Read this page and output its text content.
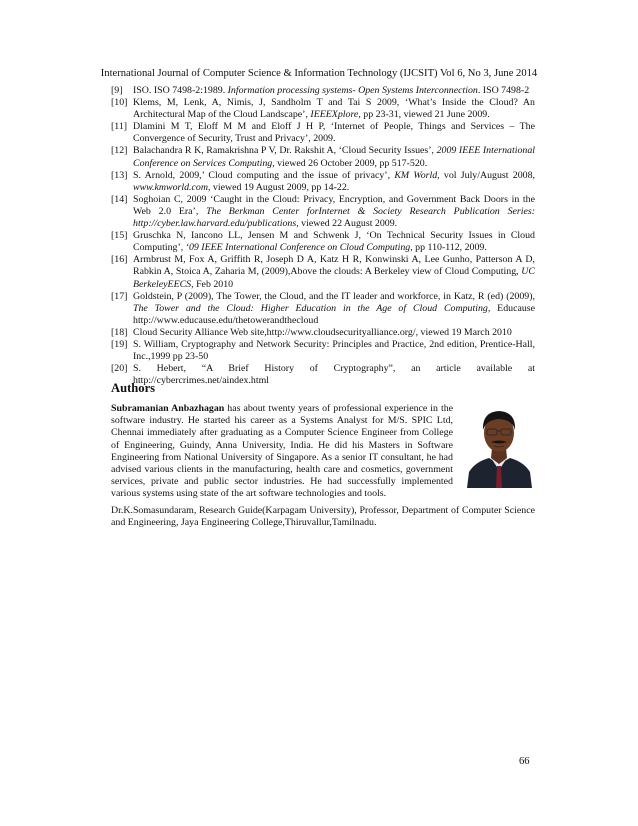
International Journal of Computer Science & Information Technology (IJCSIT) Vol 6, No 3, June 2014
[9]	ISO. ISO 7498-2:1989. Information processing systems- Open Systems Interconnection. ISO 7498-2
[10] Klems, M, Lenk, A, Nimis, J, Sandholm T and Tai S 2009, ‘What’s Inside the Cloud? An Architectural Map of the Cloud Landscape’, IEEEXplore, pp 23-31, viewed 21 June 2009.
[11] Dlamini M T, Eloff M M and Eloff J H P, ‘Internet of People, Things and Services – The Convergence of Security, Trust and Privacy’, 2009.
[12] Balachandra R K, Ramakrishna P V, Dr. Rakshit A, ‘Cloud Security Issues’, 2009 IEEE International Conference on Services Computing, viewed 26 October 2009, pp 517-520.
[13] S. Arnold, 2009,’ Cloud computing and the issue of privacy’, KM World, vol July/August 2008, www.kmworld.com, viewed 19 August 2009, pp 14-22.
[14] Soghoian C, 2009 ‘Caught in the Cloud: Privacy, Encryption, and Government Back Doors in the Web 2.0 Era’, The Berkman Center forInternet & Society Research Publication Series: http://cyber.law.harvard.edu/publications, viewed 22 August 2009.
[15] Gruschka N, Iancono LL, Jensen M and Schwenk J, ‘On Technical Security Issues in Cloud Computing’, ‘09 IEEE International Conference on Cloud Computing, pp 110-112, 2009.
[16] Armbrust M, Fox A, Griffith R, Joseph D A, Katz H R, Konwinski A, Lee Gunho, Patterson A D, Rabkin A, Stoica A, Zaharia M, (2009),Above the clouds: A Berkeley view of Cloud Computing, UC BerkeleyEECS, Feb 2010
[17] Goldstein, P (2009), The Tower, the Cloud, and the IT leader and workforce, in Katz, R (ed) (2009), The Tower and the Cloud: Higher Education in the Age of Cloud Computing, Educause http://www.educause.edu/thetowerandthecloud
[18] Cloud Security Alliance Web site,http://www.cloudsecurityalliance.org/, viewed 19 March 2010
[19] S. William, Cryptography and Network Security: Principles and Practice, 2nd edition, Prentice-Hall, Inc.,1999 pp 23-50
[20] S. Hebert, “A Brief History of Cryptography”, an article available at http://cybercrimes.net/aindex.html
Authors

Subramanian Anbazhagan has about twenty years of professional experience in the software industry. He started his career as a Systems Analyst for M/S. SPIC Ltd, Chennai immediately after graduating as a Computer Science Engineer from College of Engineering, Guindy, Anna University, India. He did his Masters in Software Engineering from National University of Singapore. As a senior IT consultant, he had advised various clients in the manufacturing, health care and cosmetics, government services, private and public sector industries. He had successfully implemented various systems using state of the art software technologies and tools.

Dr.K.Somasundaram, Research Guide(Karpagam University), Professor, Department of Computer Science and Engineering, Jaya Engineering College,Thiruvallur,Tamilnadu.

66
